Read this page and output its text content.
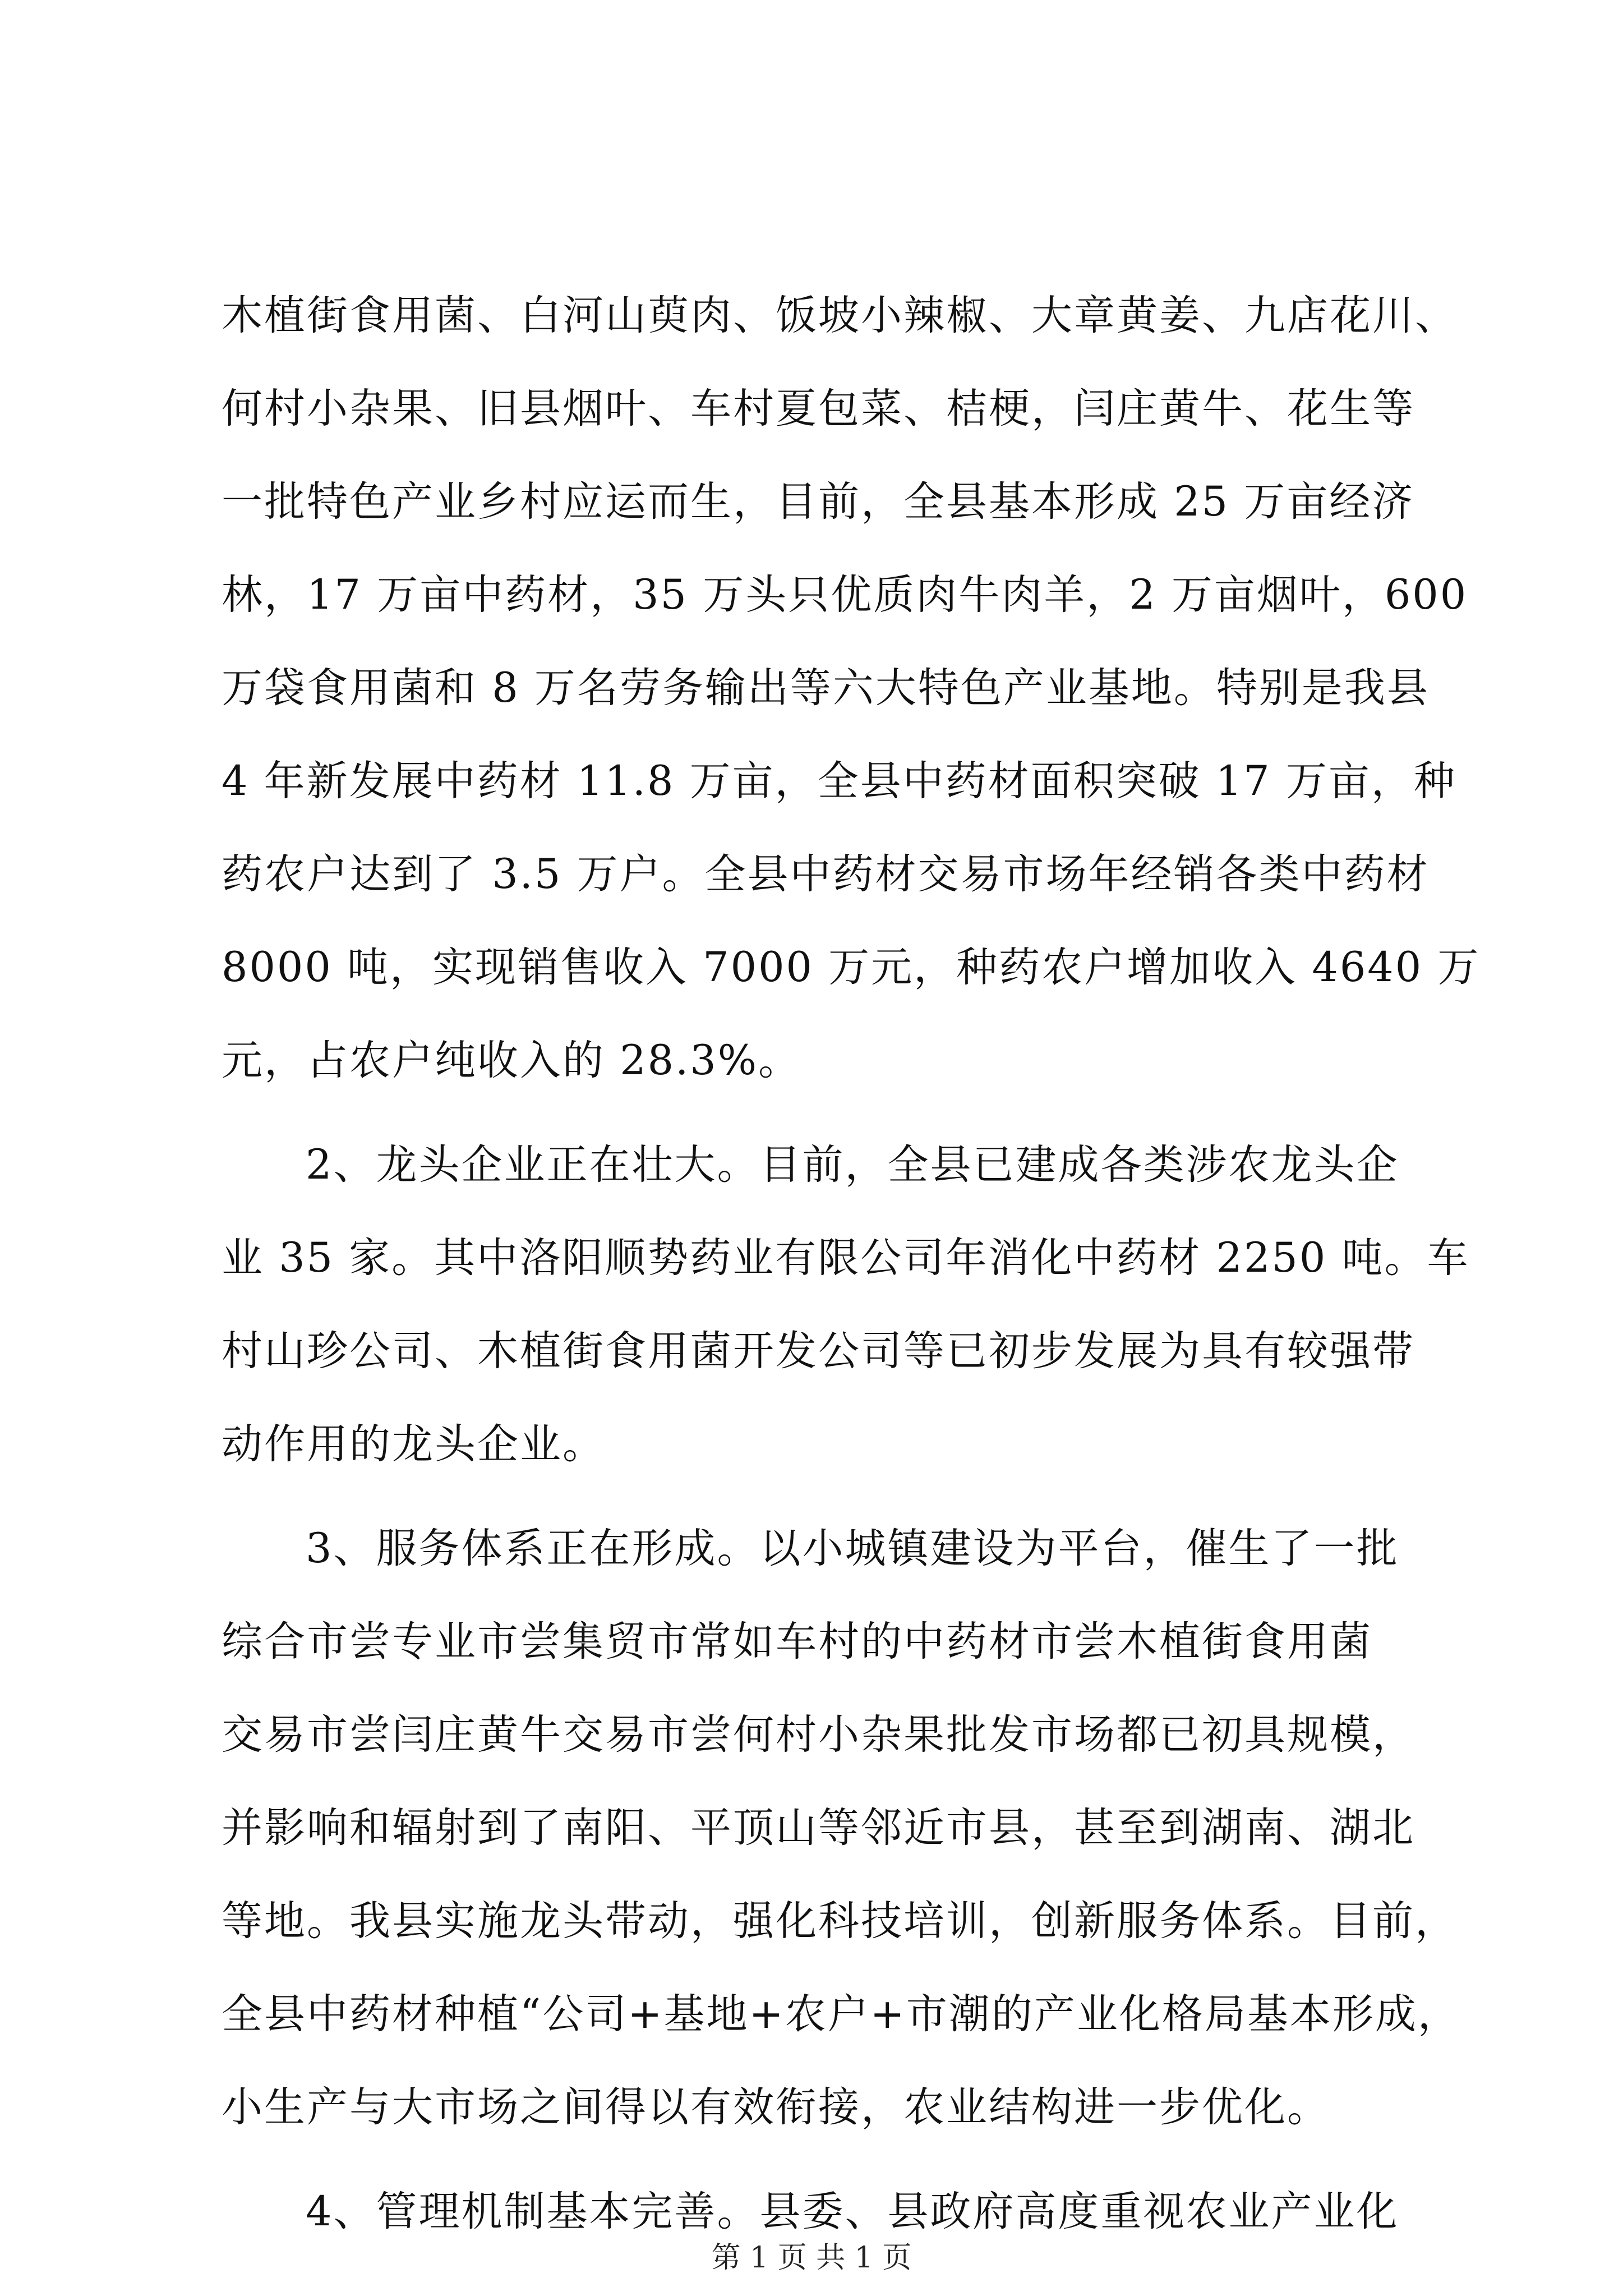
木植街食用菌、白河山萸肉、饭坡小辣椒、大章黄姜、九店花川、
何村小杂果、旧县烟叶、车村夏包菜、桔梗，闫庄黄牛、花生等
一批特色产业乡村应运而生，目前，全县基本形成 25 万亩经济
林，17 万亩中药材，35 万头只优质肉牛肉羊，2 万亩烟叶，600
万袋食用菌和 8 万名劳务输出等六大特色产业基地。特别是我县
4 年新发展中药材 11.8 万亩，全县中药材面积突破 17 万亩，种
药农户达到了 3.5 万户。全县中药材交易市场年经销各类中药材
8000 吨，实现销售收入 7000 万元，种药农户增加收入 4640 万
元，占农户纯收入的 28.3%。
2、龙头企业正在壮大。目前，全县已建成各类涉农龙头企
业 35 家。其中洛阳顺势药业有限公司年消化中药材 2250 吨。车
村山珍公司、木植街食用菌开发公司等已初步发展为具有较强带
动作用的龙头企业。
3、服务体系正在形成。以小城镇建设为平台，催生了一批
综合市尝专业市尝集贸市常如车村的中药材市尝木植街食用菌
交易市尝闫庄黄牛交易市尝何村小杂果批发市场都已初具规模，
并影响和辐射到了南阳、平顶山等邻近市县，甚至到湖南、湖北
等地。我县实施龙头带动，强化科技培训，创新服务体系。目前，
全县中药材种植“公司+基地+农户+市潮的产业化格局基本形成，
小生产与大市场之间得以有效衔接，农业结构进一步优化。
4、管理机制基本完善。县委、县政府高度重视农业产业化
第 1 页 共 1 页
